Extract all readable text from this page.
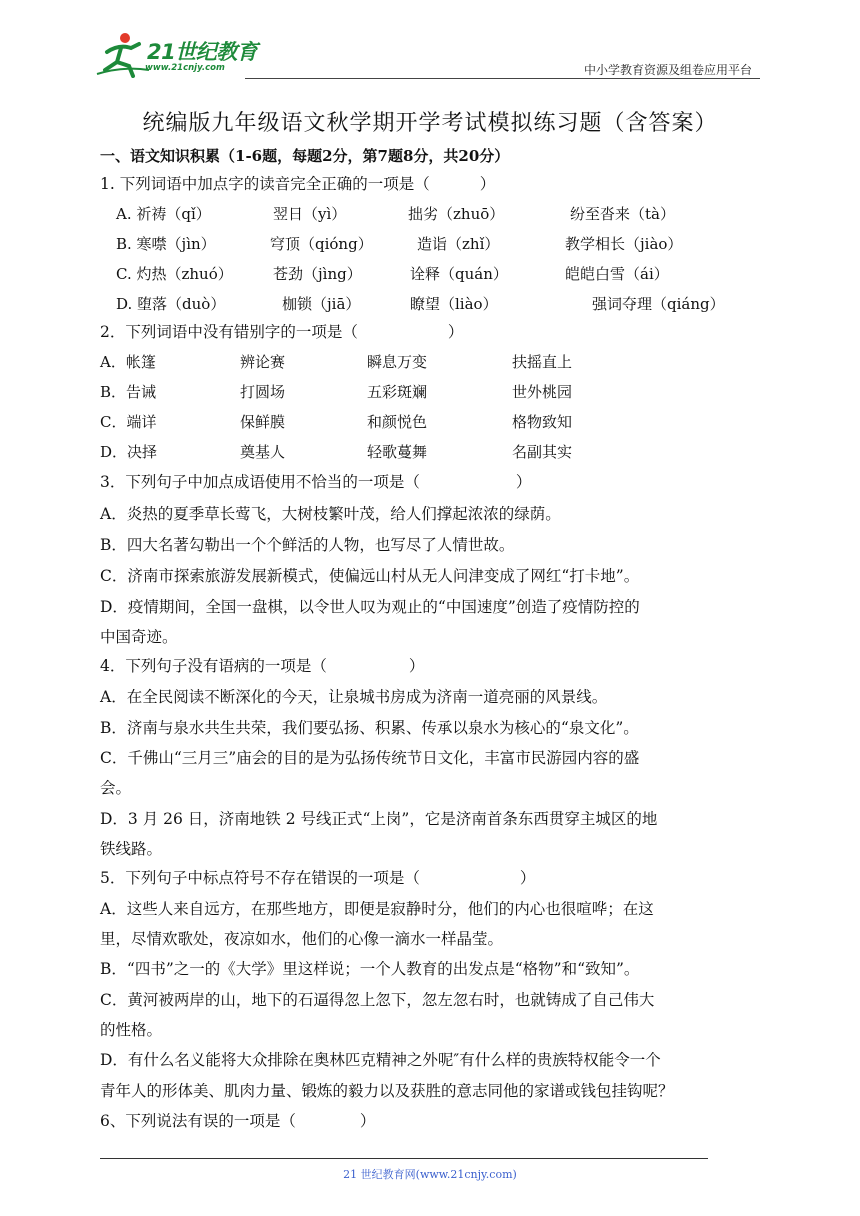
21世纪教育
www.21cnjy.com	中小学教育资源及组卷应用平台
统编版九年级语文秋学期开学考试模拟练习题（含答案）
一、语文知识积累（1-6题，每题2分，第7题8分，共20分）
1. 下列词语中加点字的读音完全正确的一项是（	）
A. 祈祷（qǐ）	翌日（yì）	拙劣（zhuō）	纷至沓来（tà）
B. 寒噤（jìn）	穹顶（qióng）	造诣（zhǐ）	教学相长（jiào）
C. 灼热（zhuó）	苍劲（jìng）	诠释（quán）	皑皑白雪（ái）
D. 堕落（duò）	枷锁（jiā）	瞭望（liào）	强词夺理（qiáng）
2．下列词语中没有错别字的一项是（	）
A．帐篷	辨论赛	瞬息万变	扶摇直上
B．告诫	打圆场	五彩斑斓	世外桃园
C．端详	保鲜膜	和颜悦色	格物致知
D．决择	奠基人	轻歌蔓舞	名副其实
3．下列句子中加点成语使用不恰当的一项是（	）
A．炎热的夏季草长莺飞，大树枝繁叶茂，给人们撑起浓浓的绿荫。
B．四大名著勾勒出一个个鲜活的人物，也写尽了人情世故。
C．济南市探索旅游发展新模式，使偏远山村从无人问津变成了网红“打卡地”。
D．疫情期间，全国一盘棋，以令世人叹为观止的“中国速度”创造了疫情防控的
中国奇迹。
4．下列句子没有语病的一项是（	）
A．在全民阅读不断深化的今天，让泉城书房成为济南一道亮丽的风景线。
B．济南与泉水共生共荣，我们要弘扬、积累、传承以泉水为核心的“泉文化”。
C．千佛山“三月三”庙会的目的是为弘扬传统节日文化，丰富市民游园内容的盛
会。
D．3 月 26 日，济南地铁 2 号线正式“上岗”，它是济南首条东西贯穿主城区的地
铁线路。
5．下列句子中标点符号不存在错误的一项是（	）
A．这些人来自远方，在那些地方，即便是寂静时分，他们的内心也很喧哗；在这
里，尽情欢歌处，夜凉如水，他们的心像一滴水一样晶莹。
B．“四书”之一的《大学》里这样说；一个人教育的出发点是“格物”和“致知”。
C．黄河被两岸的山，地下的石逼得忽上忽下，忽左忽右时，也就铸成了自己伟大
的性格。
D．有什么名义能将大众排除在奥林匹克精神之外呢″有什么样的贵族特权能令一个
青年人的形体美、肌肉力量、锻炼的毅力以及获胜的意志同他的家谱或钱包挂钩呢？
6、下列说法有误的一项是（	）
21 世纪教育网(www.21cnjy.com)
